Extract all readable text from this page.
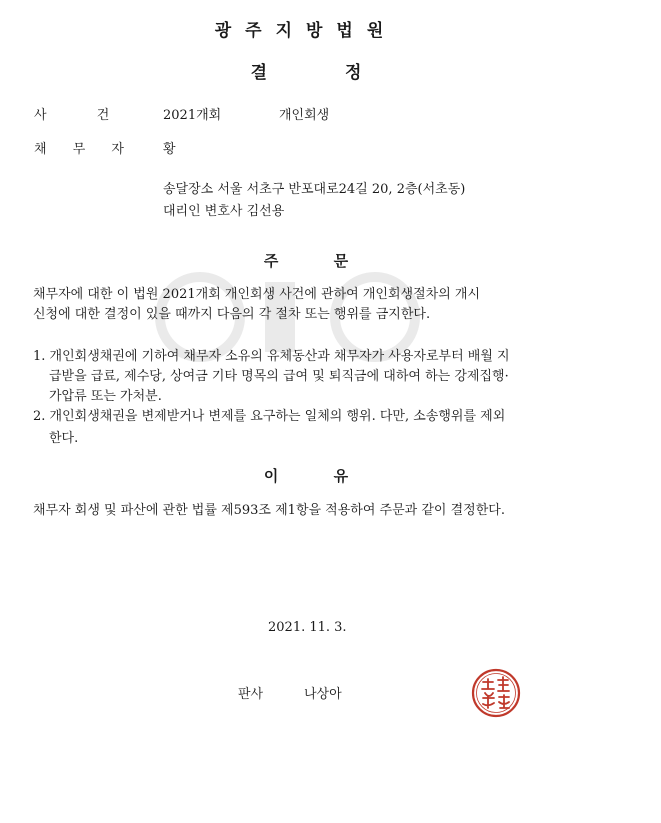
광주지방법원
결 정
사 건	2021개회	개인회생
채 무 자	황
송달장소 서울 서초구 반포대로24길 20, 2층(서초동)
대리인 변호사 김선용
주 문
채무자에 대한 이 법원 2021개회 개인회생 사건에 관하여 개인회생절차의 개시
신청에 대한 결정이 있을 때까지 다음의 각 절차 또는 행위를 금지한다.
1. 개인회생채권에 기하여 채무자 소유의 유체동산과 채무자가 사용자로부터 배월 지
급받을 급료, 제수당, 상여금 기타 명목의 급여 및 퇴직금에 대하여 하는 강제집행·
가압류 또는 가처분.
2. 개인회생채권을 변제받거나 변제를 요구하는 일체의 행위. 다만, 소송행위를 제외
한다.
이 유
채무자 회생 및 파산에 관한 법률 제593조 제1항을 적용하여 주문과 같이 결정한다.
2021. 11. 3.
판사	나상아
